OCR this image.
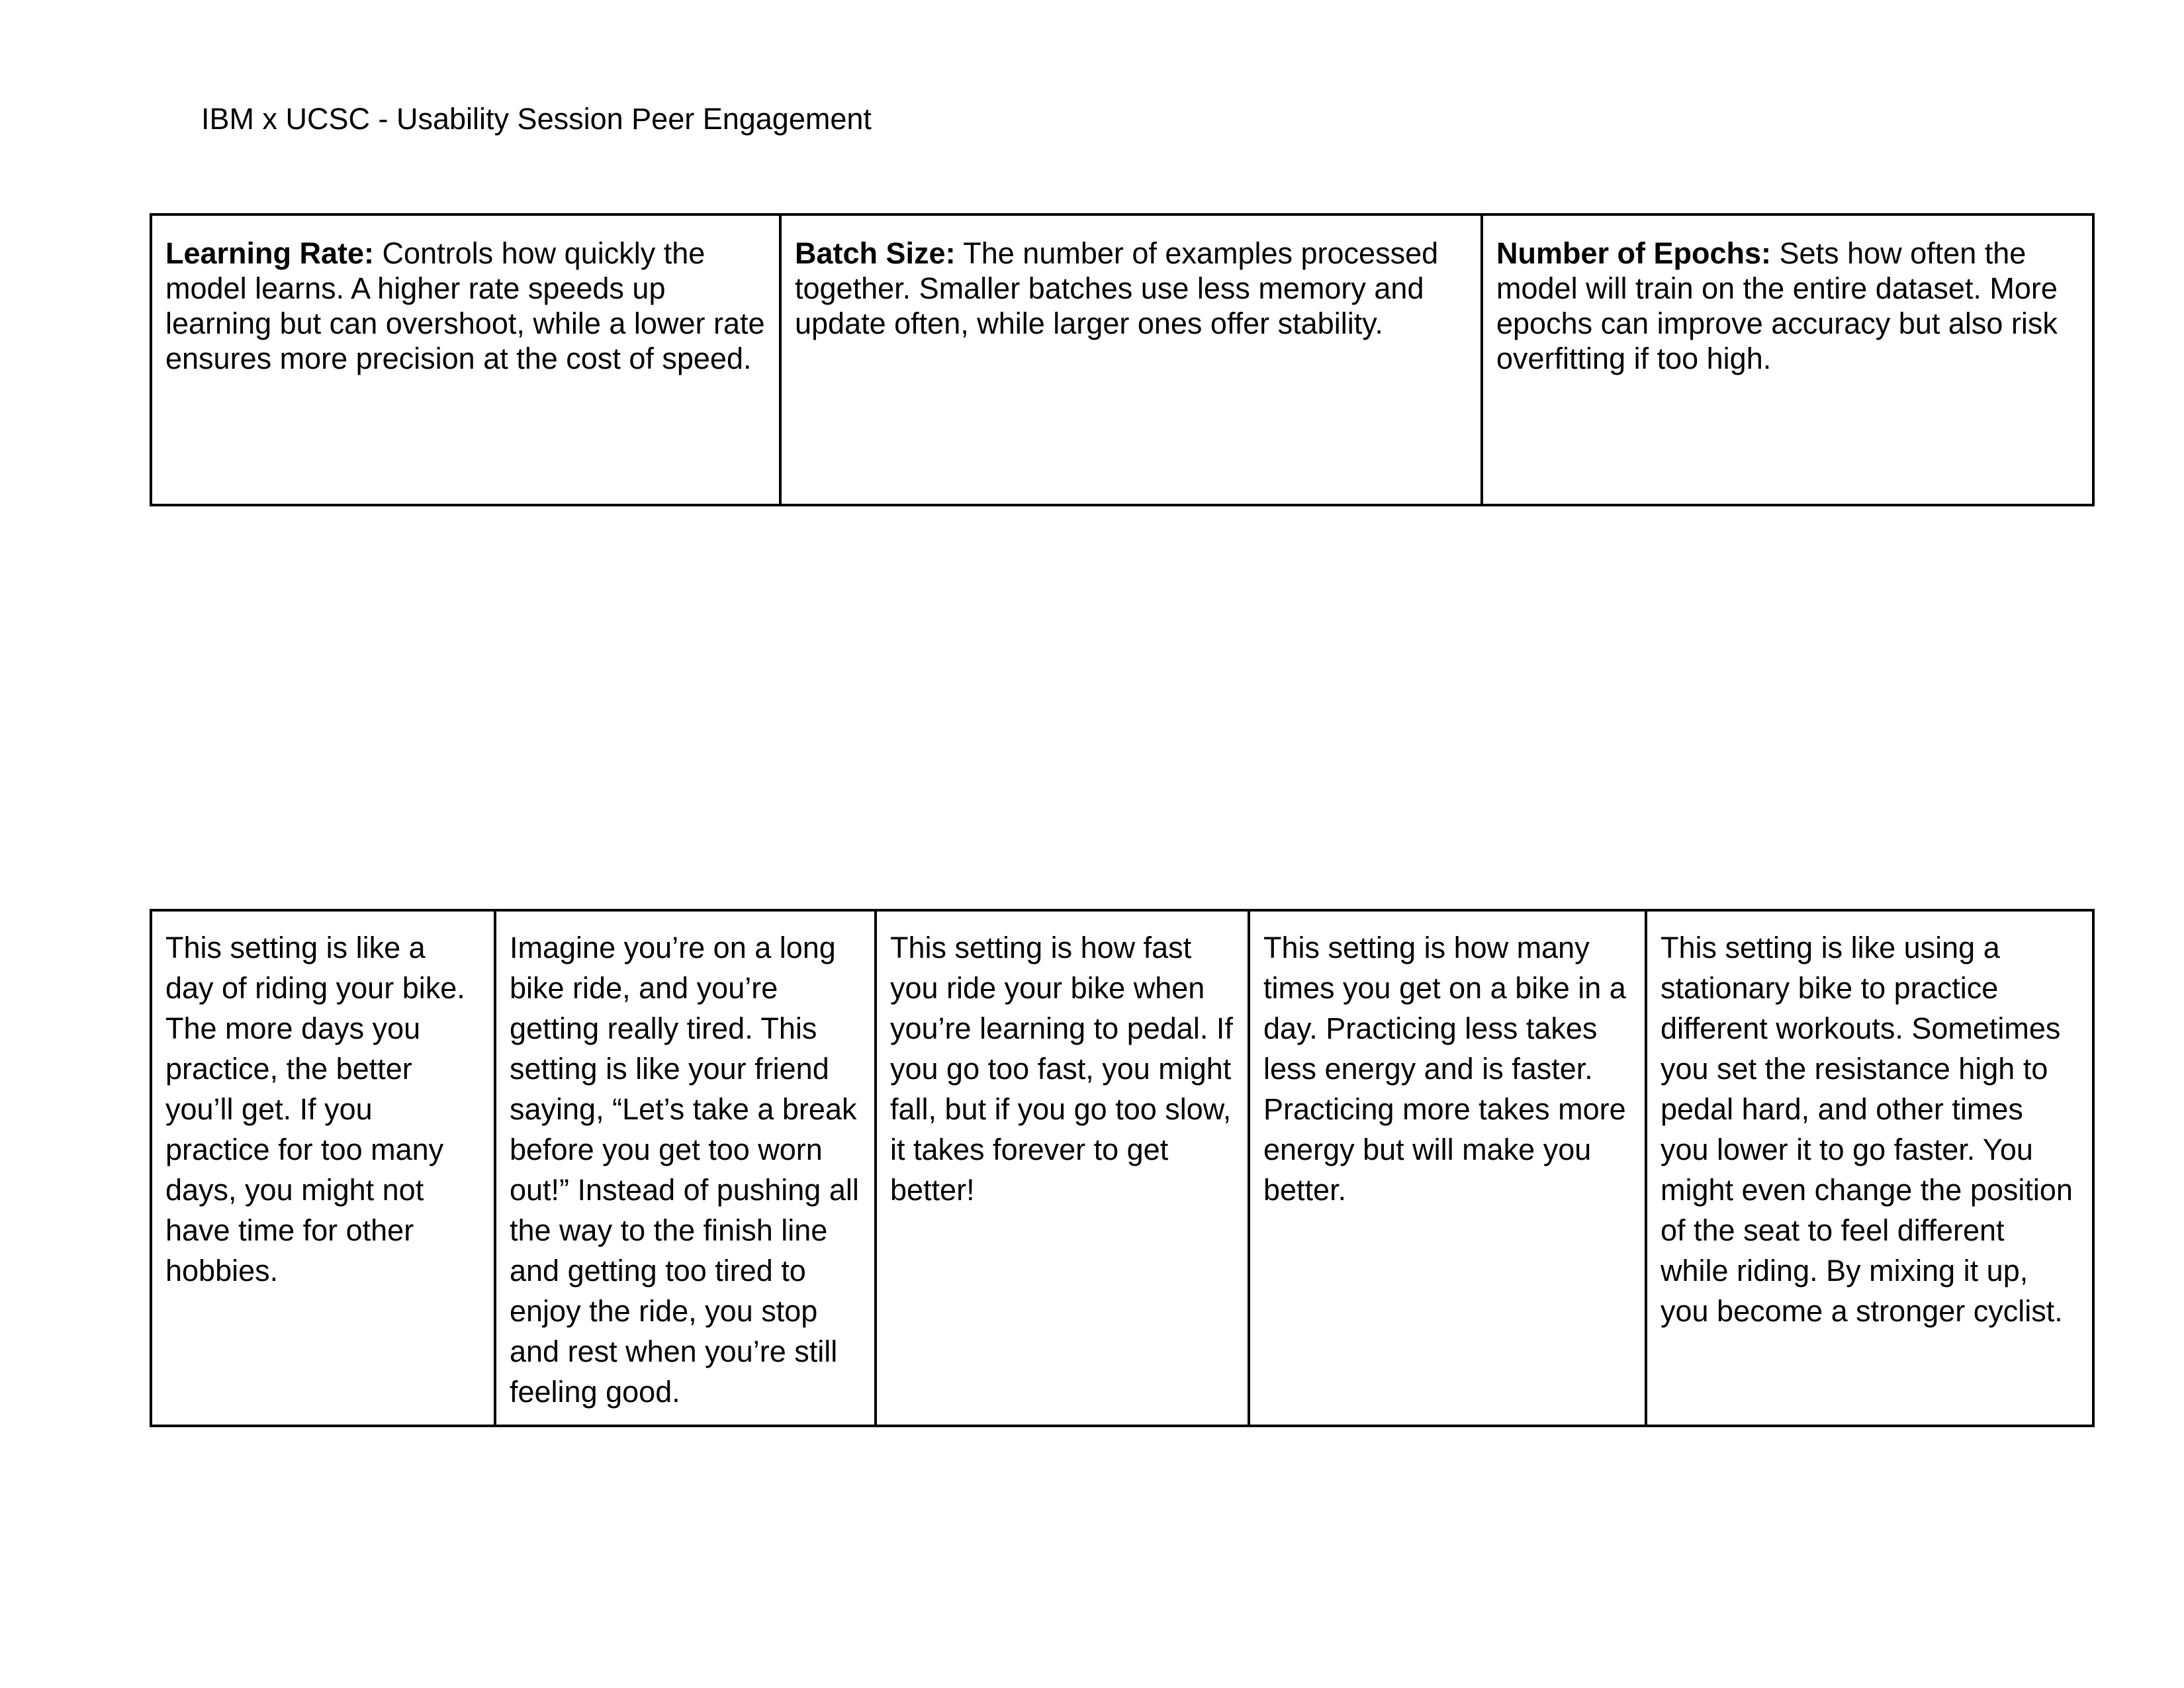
IBM x UCSC - Usability Session Peer Engagement
Learning Rate: Controls how quickly the model learns. A higher rate speeds up learning but can overshoot, while a lower rate ensures more precision at the cost of speed.	Batch Size: The number of examples processed together. Smaller batches use less memory and update often, while larger ones offer stability.	Number of Epochs: Sets how often the model will train on the entire dataset. More epochs can improve accuracy but also risk overfitting if too high.
This setting is like a day of riding your bike. The more days you practice, the better you’ll get. If you practice for too many days, you might not have time for other hobbies.	Imagine you’re on a long bike ride, and you’re getting really tired. This setting is like your friend saying, “Let’s take a break before you get too worn out!” Instead of pushing all the way to the finish line and getting too tired to enjoy the ride, you stop and rest when you’re still feeling good.	This setting is how fast you ride your bike when you’re learning to pedal. If you go too fast, you might fall, but if you go too slow, it takes forever to get better!	This setting is how many times you get on a bike in a day. Practicing less takes less energy and is faster. Practicing more takes more energy but will make you better.	This setting is like using a stationary bike to practice different workouts. Sometimes you set the resistance high to pedal hard, and other times you lower it to go faster. You might even change the position of the seat to feel different while riding. By mixing it up, you become a stronger cyclist.
